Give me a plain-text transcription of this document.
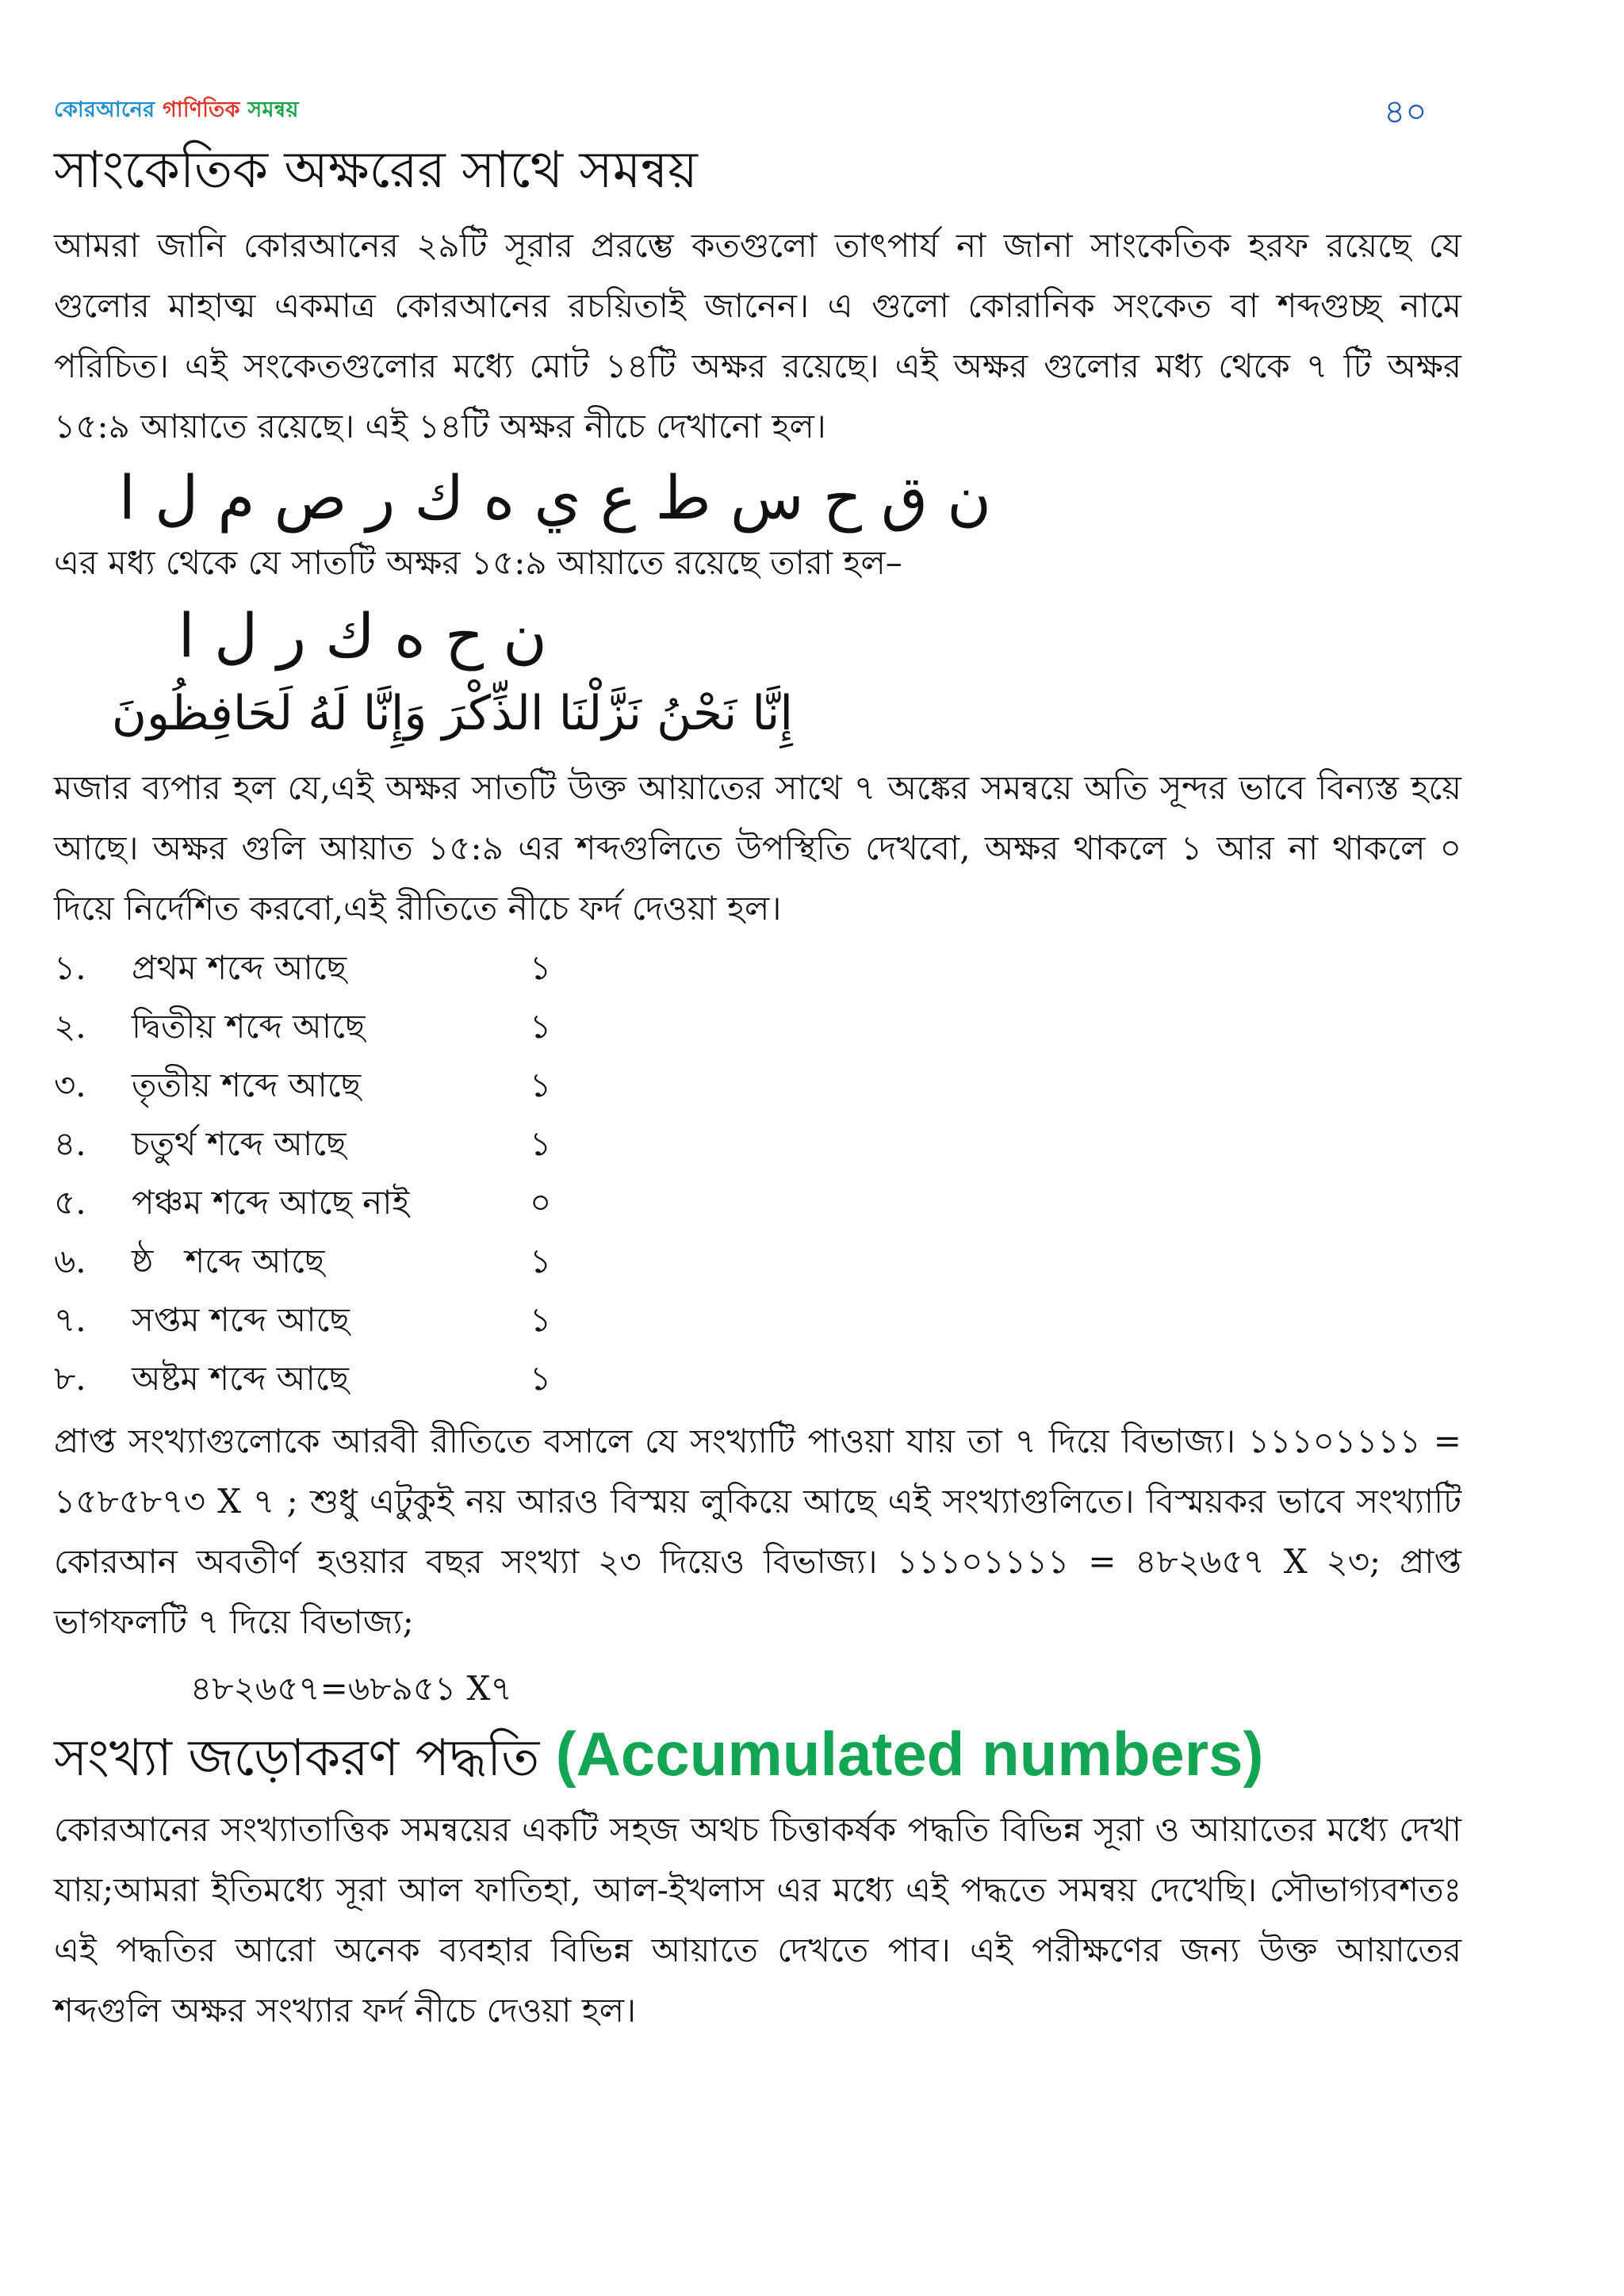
কোরআনের গাণিতিক সমন্বয়	৪০
সাংকেতিক অক্ষরের সাথে সমন্বয়

আমরা জানি কোরআনের ২৯টি সূরার প্ররম্ভে কতগুলো তাৎপার্য না জানা সাংকেতিক হরফ রয়েছে যে গুলোর মাহাত্ম একমাত্র কোরআনের রচয়িতাই জানেন। এ গুলো কোরানিক সংকেত বা শব্দগুচ্ছ নামে পরিচিত। এই সংকেতগুলোর মধ্যে মোট ১৪টি অক্ষর রয়েছে। এই অক্ষর গুলোর মধ্য থেকে ৭ টি অক্ষর ১৫:৯ আয়াতে রয়েছে। এই ১৪টি অক্ষর নীচে দেখানো হল।

ن ق ح س ط ع ي ه ك ر ص م ل ا
এর মধ্য থেকে যে সাতটি অক্ষর ১৫:৯ আয়াতে রয়েছে তারা হল–
ن ح ه ك ر ل ا
إِنَّا نَحْنُ نَزَّلْنَا الذِّكْرَ وَإِنَّا لَهُ لَحَافِظُونَ

মজার ব্যপার হল যে,এই অক্ষর সাতটি উক্ত আয়াতের সাথে ৭ অঙ্কের সমন্বয়ে অতি সূন্দর ভাবে বিন্যস্ত হয়ে আছে। অক্ষর গুলি আয়াত ১৫:৯ এর শব্দগুলিতে উপস্থিতি দেখবো, অক্ষর থাকলে ১ আর না থাকলে ০ দিয়ে নির্দেশিত করবো,এই রীতিতে নীচে ফর্দ দেওয়া হল।

১. প্রথম শব্দে আছে	১
২. দ্বিতীয় শব্দে আছে	১
৩. তৃতীয় শব্দে আছে	১
৪. চতুর্থ শব্দে আছে	১
৫. পঞ্চম শব্দে আছে নাই	০
৬. ষ্ঠ   শব্দে আছে	১
৭. সপ্তম শব্দে আছে	১
৮. অষ্টম শব্দে আছে	১

প্রাপ্ত সংখ্যাগুলোকে আরবী রীতিতে বসালে যে সংখ্যাটি পাওয়া যায় তা ৭ দিয়ে বিভাজ্য। ১১১০১১১১ = ১৫৮৫৮৭৩ X ৭ ; শুধু এটুকুই নয় আরও বিস্ময় লুকিয়ে আছে এই সংখ্যাগুলিতে। বিস্ময়কর ভাবে সংখ্যাটি কোরআন অবতীর্ণ হওয়ার বছর সংখ্যা ২৩ দিয়েও বিভাজ্য। ১১১০১১১১ = ৪৮২৬৫৭ X ২৩; প্রাপ্ত ভাগফলটি ৭ দিয়ে বিভাজ্য;

৪৮২৬৫৭=৬৮৯৫১ X৭
সংখ্যা জড়োকরণ পদ্ধতি (Accumulated numbers)

কোরআনের সংখ্যাতাত্তিক সমন্বয়ের একটি সহজ অথচ চিত্তাকর্ষক পদ্ধতি বিভিন্ন সূরা ও আয়াতের মধ্যে দেখা যায়;আমরা ইতিমধ্যে সূরা আল ফাতিহা, আল-ইখলাস এর মধ্যে এই পদ্ধতে সমন্বয় দেখেছি। সৌভাগ্যবশতঃ এই পদ্ধতির আরো অনেক ব্যবহার বিভিন্ন আয়াতে দেখতে পাব। এই পরীক্ষণের জন্য উক্ত আয়াতের শব্দগুলি অক্ষর সংখ্যার ফর্দ নীচে দেওয়া হল।
